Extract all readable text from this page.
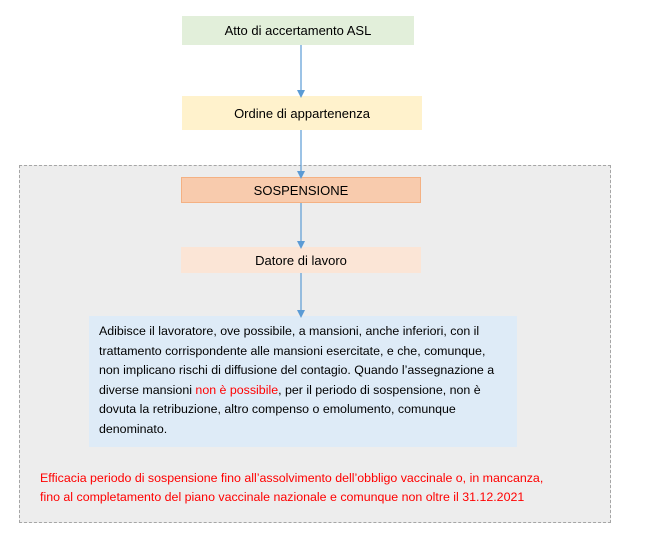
Atto di accertamento ASL
Ordine di appartenenza
SOSPENSIONE
Datore di lavoro
Adibisce il lavoratore, ove possibile, a mansioni, anche inferiori, con il trattamento corrispondente alle mansioni esercitate, e che, comunque, non implicano rischi di diffusione del contagio. Quando l’assegnazione a diverse mansioni non è possibile, per il periodo di sospensione, non è dovuta la retribuzione, altro compenso o emolumento, comunque denominato.
Efficacia periodo di sospensione fino all’assolvimento dell’obbligo vaccinale o, in mancanza,
fino al completamento del piano vaccinale nazionale e comunque non oltre il 31.12.2021
